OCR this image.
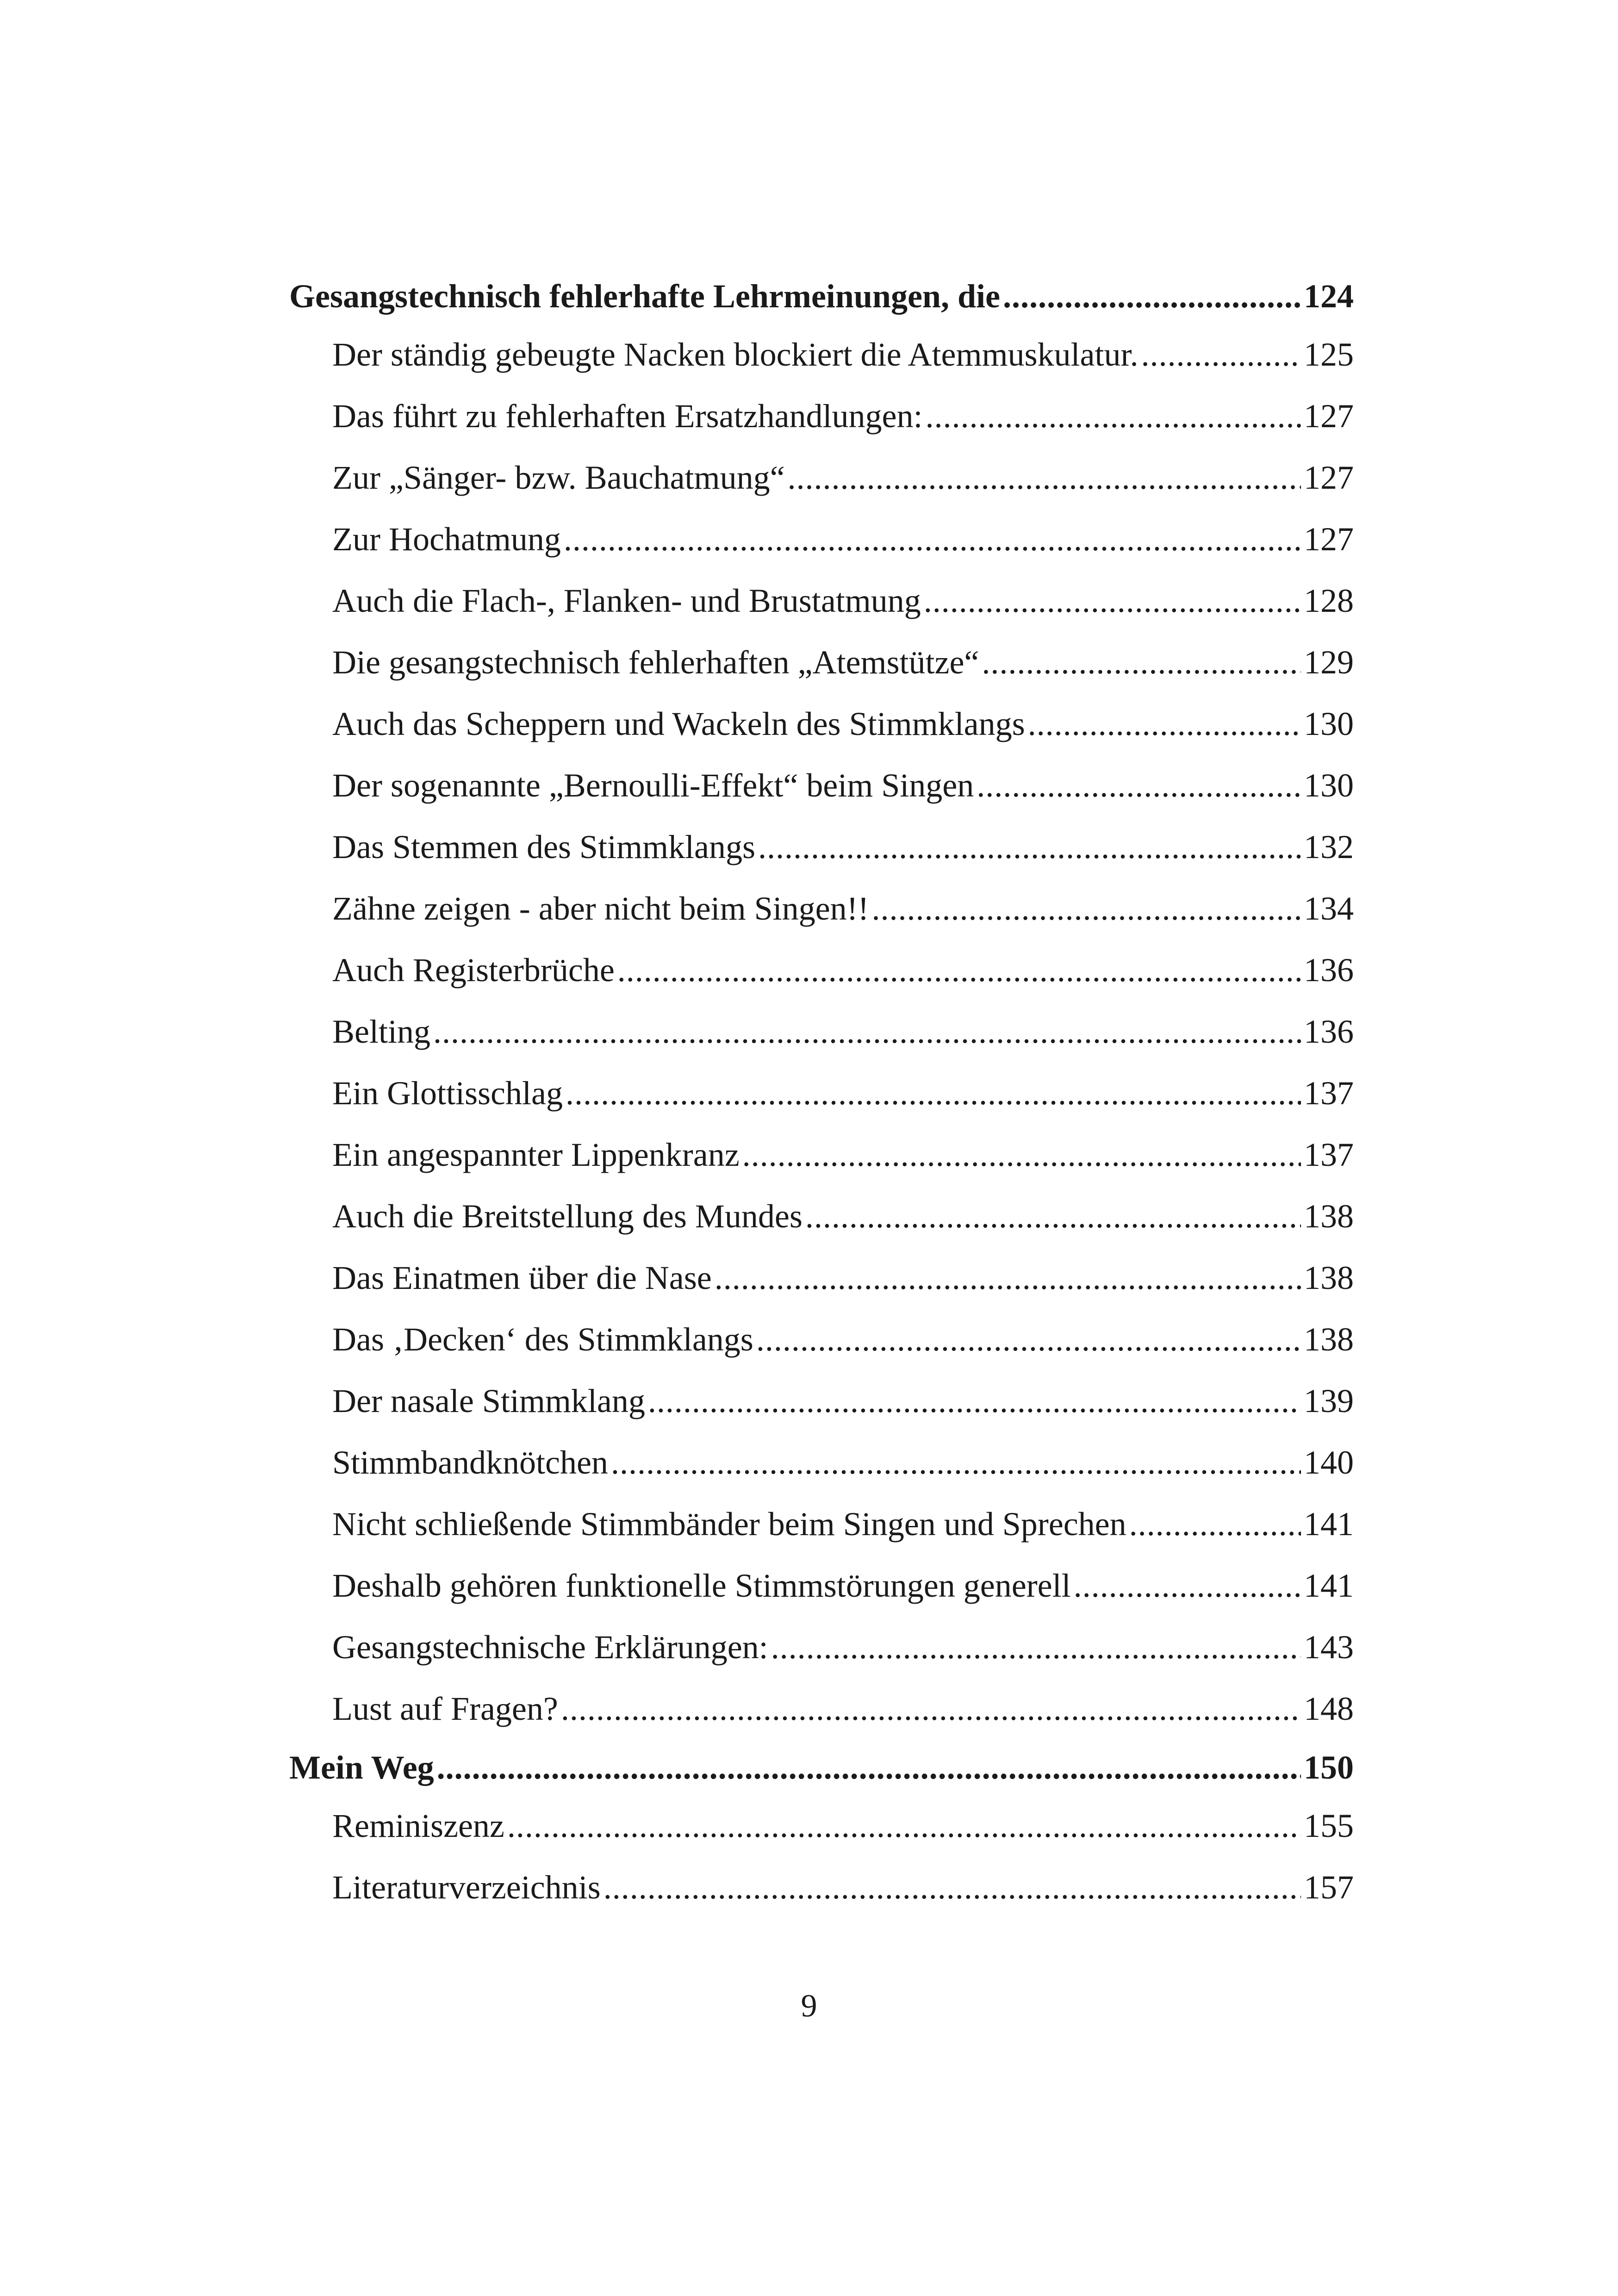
Gesangstechnisch fehlerhafte Lehrmeinungen, die .....	124
Der ständig gebeugte Nacken blockiert die Atemmuskulatur. .....	125
Das führt zu fehlerhaften Ersatzhandlungen: .....	127
Zur „Sänger- bzw. Bauchatmung“ .....	127
Zur Hochatmung .....	127
Auch die Flach-, Flanken- und Brustatmung .....	128
Die gesangstechnisch fehlerhaften „Atemstütze“ .....	129
Auch das Scheppern und Wackeln des Stimmklangs .....	130
Der sogenannte „Bernoulli-Effekt“ beim Singen .....	130
Das Stemmen des Stimmklangs .....	132
Zähne zeigen - aber nicht beim Singen!! .....	134
Auch Registerbrüche .....	136
Belting .....	136
Ein Glottisschlag .....	137
Ein angespannter Lippenkranz .....	137
Auch die Breitstellung des Mundes .....	138
Das Einatmen über die Nase .....	138
Das ‚Decken‘ des Stimmklangs .....	138
Der nasale Stimmklang .....	139
Stimmbandknötchen .....	140
Nicht schließende Stimmbänder beim Singen und Sprechen .....	141
Deshalb gehören funktionelle Stimmstörungen generell .....	141
Gesangstechnische Erklärungen: .....	143
Lust auf Fragen? .....	148
Mein Weg .....	150
Reminiszenz .....	155
Literaturverzeichnis .....	157
9
